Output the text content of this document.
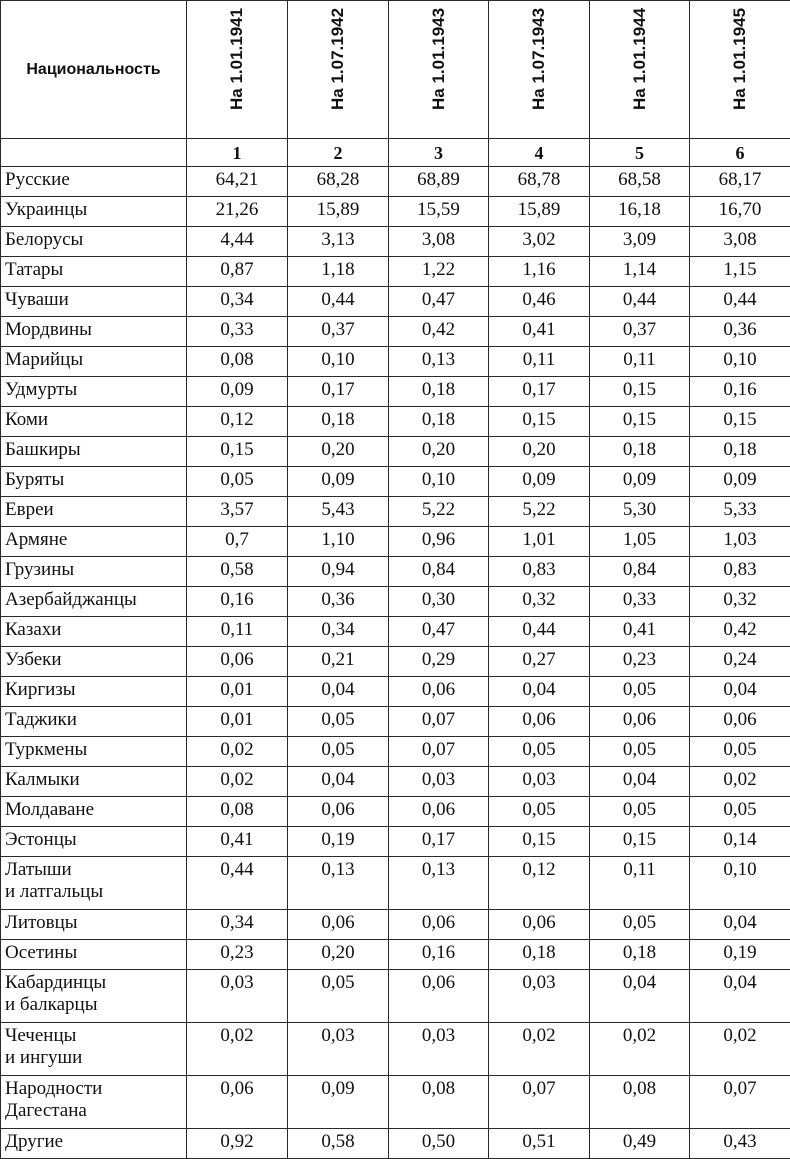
Национальность	На 1.01.1941	На 1.07.1942	На 1.01.1943	На 1.07.1943	На 1.01.1944	На 1.01.1945

	1	2	3	4	5	6
Русские	64,21	68,28	68,89	68,78	68,58	68,17
Украинцы	21,26	15,89	15,59	15,89	16,18	16,70
Белорусы	4,44	3,13	3,08	3,02	3,09	3,08
Татары	0,87	1,18	1,22	1,16	1,14	1,15
Чуваши	0,34	0,44	0,47	0,46	0,44	0,44
Мордвины	0,33	0,37	0,42	0,41	0,37	0,36
Марийцы	0,08	0,10	0,13	0,11	0,11	0,10
Удмурты	0,09	0,17	0,18	0,17	0,15	0,16
Коми	0,12	0,18	0,18	0,15	0,15	0,15
Башкиры	0,15	0,20	0,20	0,20	0,18	0,18
Буряты	0,05	0,09	0,10	0,09	0,09	0,09
Евреи	3,57	5,43	5,22	5,22	5,30	5,33
Армяне	0,7	1,10	0,96	1,01	1,05	1,03
Грузины	0,58	0,94	0,84	0,83	0,84	0,83
Азербайджанцы	0,16	0,36	0,30	0,32	0,33	0,32
Казахи	0,11	0,34	0,47	0,44	0,41	0,42
Узбеки	0,06	0,21	0,29	0,27	0,23	0,24
Киргизы	0,01	0,04	0,06	0,04	0,05	0,04
Таджики	0,01	0,05	0,07	0,06	0,06	0,06
Туркмены	0,02	0,05	0,07	0,05	0,05	0,05
Калмыки	0,02	0,04	0,03	0,03	0,04	0,02
Молдаване	0,08	0,06	0,06	0,05	0,05	0,05
Эстонцы	0,41	0,19	0,17	0,15	0,15	0,14
Латыши
и латгальцы	0,44	0,13	0,13	0,12	0,11	0,10
Литовцы	0,34	0,06	0,06	0,06	0,05	0,04
Осетины	0,23	0,20	0,16	0,18	0,18	0,19
Кабардинцы
и балкарцы	0,03	0,05	0,06	0,03	0,04	0,04
Чеченцы
и ингуши	0,02	0,03	0,03	0,02	0,02	0,02
Народности
Дагестана	0,06	0,09	0,08	0,07	0,08	0,07
Другие	0,92	0,58	0,50	0,51	0,49	0,43
